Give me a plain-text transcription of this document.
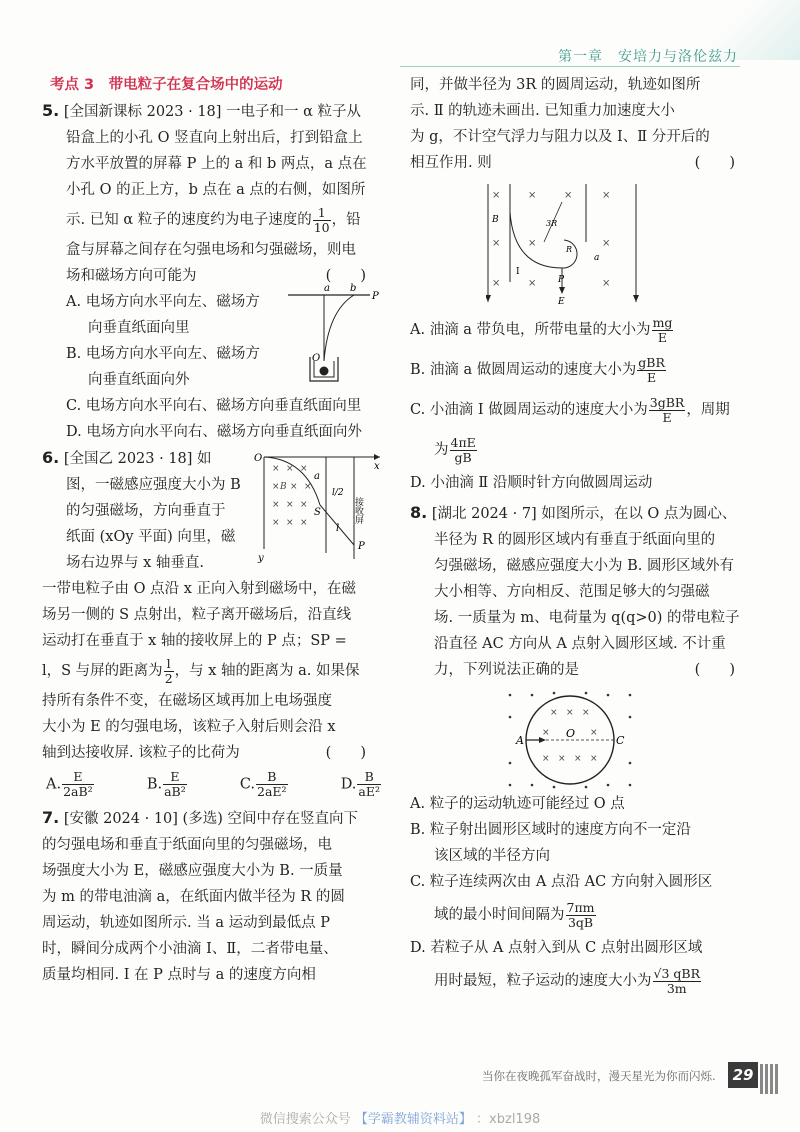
第一章　安培力与洛伦兹力

考点 3　带电粒子在复合场中的运动

5. [全国新课标 2023 · 18] 一电子和一 α 粒子从

铅盒上的小孔 O 竖直向上射出后，打到铅盒上

方水平放置的屏幕 P 上的 a 和 b 两点，a 点在

小孔 O 的正上方，b 点在 a 点的右侧，如图所

示. 已知 α 粒子的速度约为电子速度的 $\frac{1}{10}$ ，铅

盒与屏幕之间存在匀强电场和匀强磁场，则电

场和磁场方向可能为	(　　)

A. 电场方向水平向左、磁场方

向垂直纸面向里

B. 电场方向水平向左、磁场方

向垂直纸面向外

a b
P
O

C. 电场方向水平向右、磁场方向垂直纸面向里

D. 电场方向水平向右、磁场方向垂直纸面向外

6. [全国乙 2023 · 18] 如

图，一磁感应强度大小为 B

的匀强磁场，方向垂直于

纸面 (xOy 平面) 向里，磁

场右边界与 x 轴垂直.

O
x
y
× × ×
× B × ×
× × ×
× × ×
a
S
l/2
l
P
接收屏

一带电粒子由 O 点沿 x 正向入射到磁场中，在磁

场另一侧的 S 点射出，粒子离开磁场后，沿直线

运动打在垂直于 x 轴的接收屏上的 P 点；SP =

l，S 与屏的距离为 $\frac{l}{2}$ ，与 x 轴的距离为 a. 如果保

持所有条件不变，在磁场区域再加上电场强度

大小为 E 的匀强电场，该粒子入射后则会沿 x

轴到达接收屏. 该粒子的比荷为	(　　)

A. $\frac{E}{\text{2aB²}}$	B. $\frac{E}{\text{aB²}}$	C. $\frac{B}{\text{2aE²}}$	D. $\frac{B}{\text{aE²}}$

7. [安徽 2024 · 10] (多选) 空间中存在竖直向下

的匀强电场和垂直于纸面向里的匀强磁场，电

场强度大小为 E，磁感应强度大小为 B. 一质量

为 m 的带电油滴 a，在纸面内做半径为 R 的圆

周运动，轨迹如图所示. 当 a 运动到最低点 P

时，瞬间分成两个小油滴 Ⅰ、Ⅱ，二者带电量、

质量均相同. Ⅰ 在 P 点时与 a 的速度方向相

同，并做半径为 3R 的圆周运动，轨迹如图所

示. Ⅱ 的轨迹未画出. 已知重力加速度大小

为 g，不计空气浮力与阻力以及 Ⅰ、Ⅱ 分开后的

相互作用. 则	(　　)

B
×	×	×	×
×	×	×
×	×	×
3R
R
P
a
Ⅰ
E

A. 油滴 a 带负电，所带电量的大小为 $\frac{mg}{E}$

B. 油滴 a 做圆周运动的速度大小为 $\frac{\text{gBR}}{E}$

C. 小油滴 Ⅰ 做圆周运动的速度大小为 $\frac{\text{3gBR}}{E}$ ，周期

为 $\frac{4\pi E}{gB}$

D. 小油滴 Ⅱ 沿顺时针方向做圆周运动

8. [湖北 2024 · 7] 如图所示，在以 O 点为圆心、

半径为 R 的圆形区域内有垂直于纸面向里的

匀强磁场，磁感应强度大小为 B. 圆形区域外有

大小相等、方向相反、范围足够大的匀强磁

场. 一质量为 m、电荷量为 q(q>0) 的带电粒子

沿直径 AC 方向从 A 点射入圆形区域. 不计重

力，下列说法正确的是	(　　)

× × ×
×	×
× × × ×
A
O
C

A. 粒子的运动轨迹可能经过 O 点

B. 粒子射出圆形区域时的速度方向不一定沿

该区域的半径方向

C. 粒子连续两次由 A 点沿 AC 方向射入圆形区

域的最小时间间隔为 $\frac{7\pi m}{3qB}$

D. 若粒子从 A 点射入到从 C 点射出圆形区域

用时最短，粒子运动的速度大小为 $\frac{\text{√3 qBR}}{3m}$

当你在夜晚孤军奋战时，漫天星光为你而闪烁.	29
微信搜索公众号 【学霸教辅资料站】 ：xbzl198
